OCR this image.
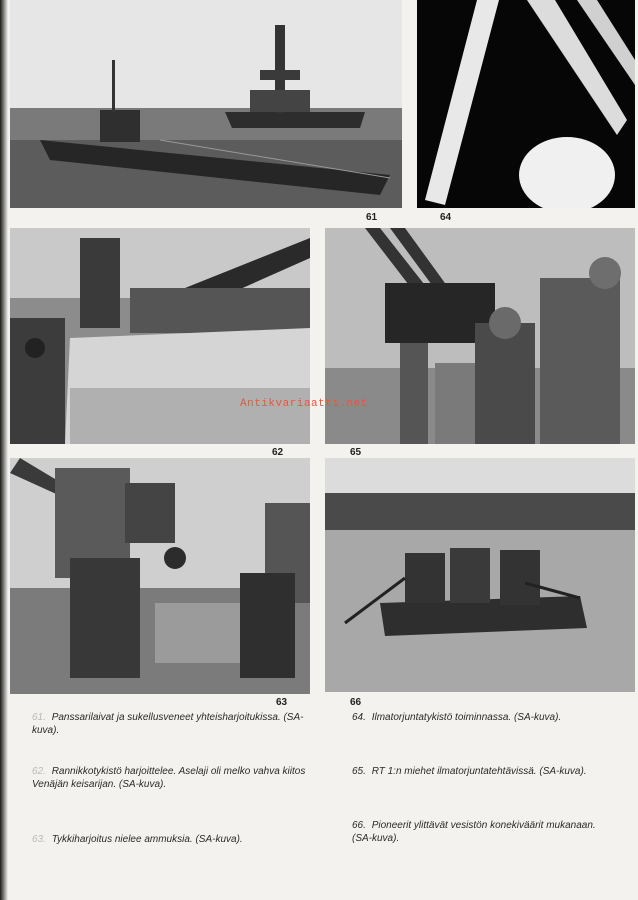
61	64
62	65
63	66
Antikvariaatti.net
61. Panssarilaivat ja sukellusveneet yhteisharjoitukissa. (SA-kuva).
62. Rannikkotykistö harjoittelee. Aselaji oli melko vahva kiitos Venäjän keisarijan. (SA-kuva).
63. Tykkiharjoitus nielee ammuksia. (SA-kuva).
64. Ilmatorjuntatykistö toiminnassa. (SA-kuva).
65. RT 1:n miehet ilmatorjuntatehtävissä. (SA-kuva).
66. Pioneerit ylittävät vesistön konekiväärit mukanaan. (SA-kuva).
